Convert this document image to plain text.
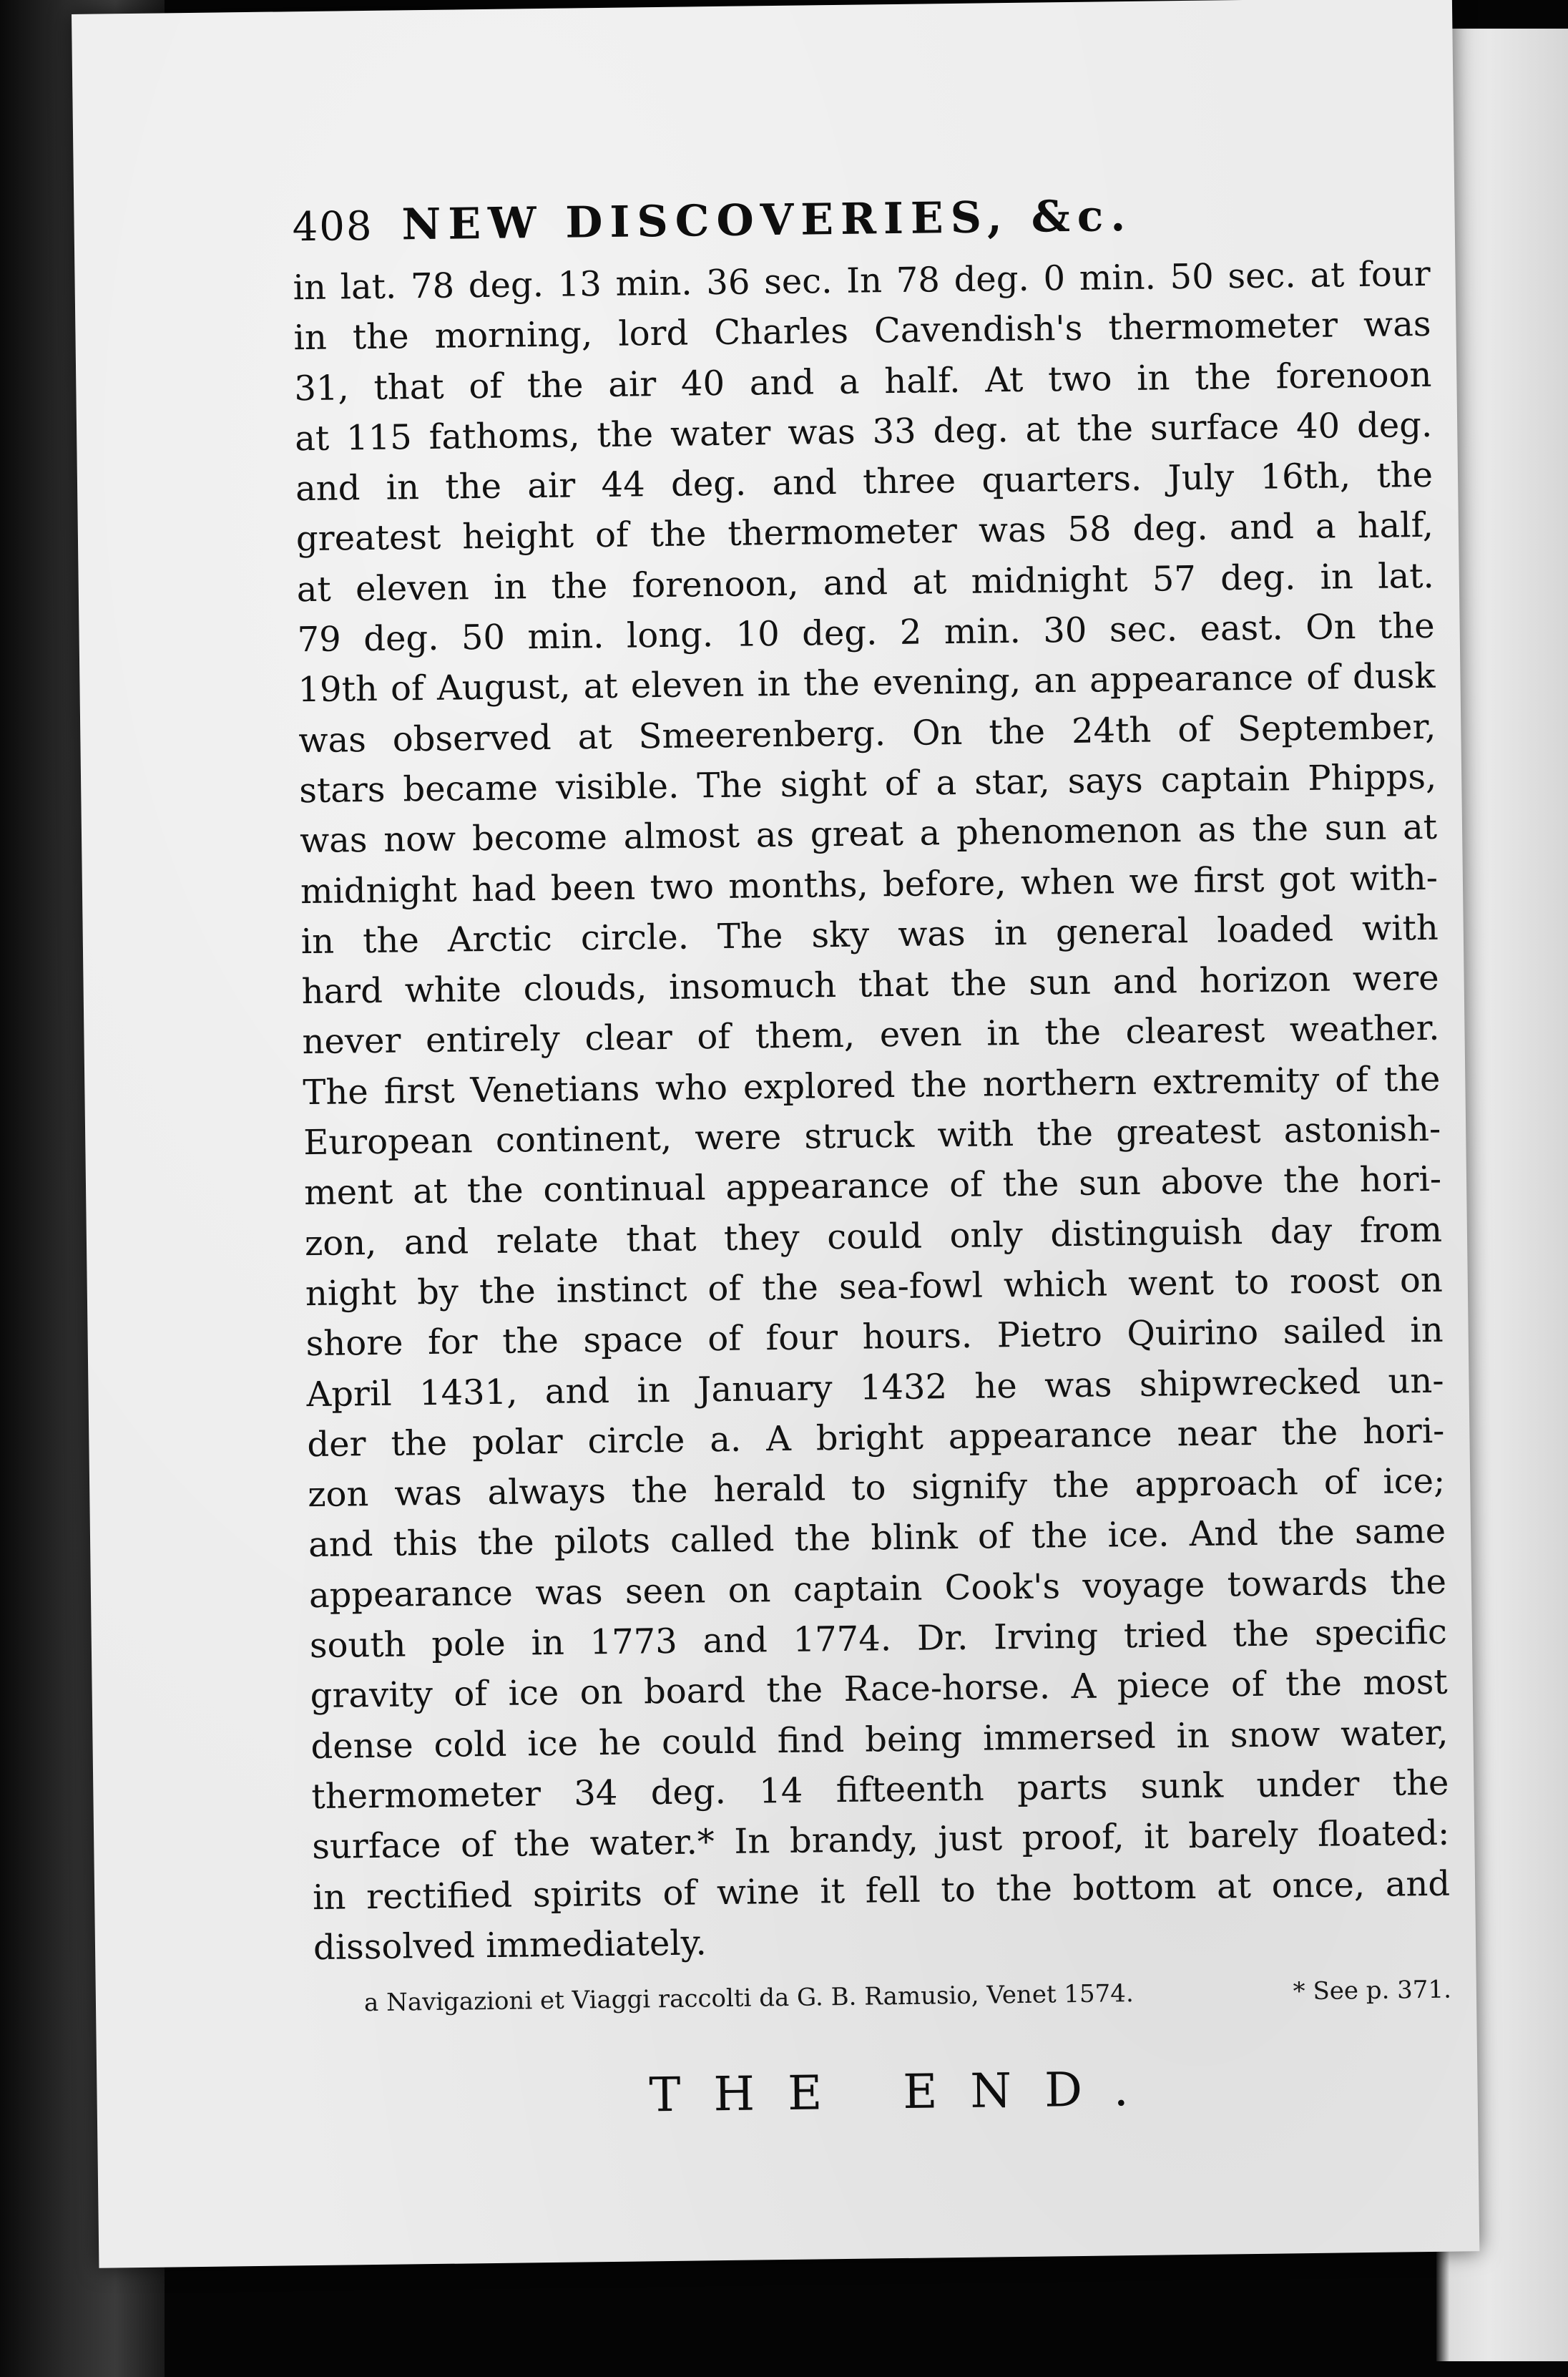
408 NEW DISCOVERIES, &c.
in lat. 78 deg. 13 min. 36 sec. In 78 deg. 0 min. 50 sec. at four
in the morning, lord Charles Cavendish's thermometer was
31, that of the air 40 and a half. At two in the forenoon
at 115 fathoms, the water was 33 deg. at the surface 40 deg.
and in the air 44 deg. and three quarters. July 16th, the
greatest height of the thermometer was 58 deg. and a half,
at eleven in the forenoon, and at midnight 57 deg. in lat.
79 deg. 50 min. long. 10 deg. 2 min. 30 sec. east. On the
19th of August, at eleven in the evening, an appearance of dusk
was observed at Smeerenberg. On the 24th of September,
stars became visible. The sight of a star, says captain Phipps,
was now become almost as great a phenomenon as the sun at
midnight had been two months, before, when we first got with-
in the Arctic circle. The sky was in general loaded with
hard white clouds, insomuch that the sun and horizon were
never entirely clear of them, even in the clearest weather.
The first Venetians who explored the northern extremity of the
European continent, were struck with the greatest astonish-
ment at the continual appearance of the sun above the hori-
zon, and relate that they could only distinguish day from
night by the instinct of the sea-fowl which went to roost on
shore for the space of four hours. Pietro Quirino sailed in
April 1431, and in January 1432 he was shipwrecked un-
der the polar circle a. A bright appearance near the hori-
zon was always the herald to signify the approach of ice;
and this the pilots called the blink of the ice. And the same
appearance was seen on captain Cook's voyage towards the
south pole in 1773 and 1774. Dr. Irving tried the specific
gravity of ice on board the Race-horse. A piece of the most
dense cold ice he could find being immersed in snow water,
thermometer 34 deg. 14 fifteenth parts sunk under the
surface of the water.* In brandy, just proof, it barely floated:
in rectified spirits of wine it fell to the bottom at once, and
dissolved immediately.
a Navigazioni et Viaggi raccolti da G. B. Ramusio, Venet 1574.	* See p. 371.
THE END.
